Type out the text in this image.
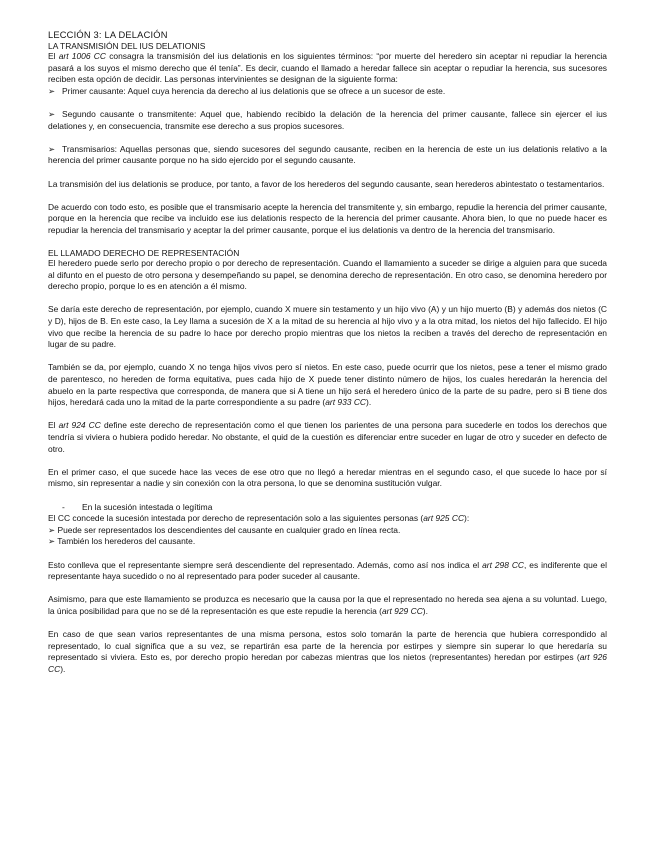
LECCIÓN 3: LA DELACIÓN
LA TRANSMISIÓN DEL IUS DELATIONIS

El art 1006 CC consagra la transmisión del ius delationis en los siguientes términos: “por muerte del heredero sin aceptar ni repudiar la herencia pasará a los suyos el mismo derecho que él tenía”. Es decir, cuando el llamado a heredar fallece sin aceptar o repudiar la herencia, sus sucesores reciben esta opción de decidir. Las personas intervinientes se designan de la siguiente forma:

➢ Primer causante: Aquel cuya herencia da derecho al ius delationis que se ofrece a un sucesor de este.

➢ Segundo causante o transmitente: Aquel que, habiendo recibido la delación de la herencia del primer causante, fallece sin ejercer el ius delationes y, en consecuencia, transmite ese derecho a sus propios sucesores.

➢ Transmisarios: Aquellas personas que, siendo sucesores del segundo causante, reciben en la herencia de este un ius delationis relativo a la herencia del primer causante porque no ha sido ejercido por el segundo causante.

La transmisión del ius delationis se produce, por tanto, a favor de los herederos del segundo causante, sean herederos abintestato o testamentarios.

De acuerdo con todo esto, es posible que el transmisario acepte la herencia del transmitente y, sin embargo, repudie la herencia del primer causante, porque en la herencia que recibe va incluido ese ius delationis respecto de la herencia del primer causante. Ahora bien, lo que no puede hacer es repudiar la herencia del transmisario y aceptar la del primer causante, porque el ius delationis va dentro de la herencia del transmisario.

EL LLAMADO DERECHO DE REPRESENTACIÓN

El heredero puede serlo por derecho propio o por derecho de representación. Cuando el llamamiento a suceder se dirige a alguien para que suceda al difunto en el puesto de otro persona y desempeñando su papel, se denomina derecho de representación. En otro caso, se denomina heredero por derecho propio, porque lo es en atención a él mismo.

Se daría este derecho de representación, por ejemplo, cuando X muere sin testamento y un hijo vivo (A) y un hijo muerto (B) y además dos nietos (C y D), hijos de B. En este caso, la Ley llama a sucesión de X a la mitad de su herencia al hijo vivo y a la otra mitad, los nietos del hijo fallecido. El hijo vivo que recibe la herencia de su padre lo hace por derecho propio mientras que los nietos la reciben a través del derecho de representación en lugar de su padre.

También se da, por ejemplo, cuando X no tenga hijos vivos pero sí nietos. En este caso, puede ocurrir que los nietos, pese a tener el mismo grado de parentesco, no hereden de forma equitativa, pues cada hijo de X puede tener distinto número de hijos, los cuales heredarán la herencia del abuelo en la parte respectiva que corresponda, de manera que si A tiene un hijo será el heredero único de la parte de su padre, pero si B tiene dos hijos, heredará cada uno la mitad de la parte correspondiente a su padre (art 933 CC).

El art 924 CC define este derecho de representación como el que tienen los parientes de una persona para sucederle en todos los derechos que tendría si viviera o hubiera podido heredar. No obstante, el quid de la cuestión es diferenciar entre suceder en lugar de otro y suceder en defecto de otro.

En el primer caso, el que sucede hace las veces de ese otro que no llegó a heredar mientras en el segundo caso, el que sucede lo hace por sí mismo, sin representar a nadie y sin conexión con la otra persona, lo que se denomina sustitución vulgar.

- En la sucesión intestada o legítima

El CC concede la sucesión intestada por derecho de representación solo a las siguientes personas (art 925 CC):

➢ Puede ser representados los descendientes del causante en cualquier grado en línea recta.

➢ También los herederos del causante.

Esto conlleva que el representante siempre será descendiente del representado. Además, como así nos indica el art 298 CC, es indiferente que el representante haya sucedido o no al representado para poder suceder al causante.

Asimismo, para que este llamamiento se produzca es necesario que la causa por la que el representado no hereda sea ajena a su voluntad. Luego, la única posibilidad para que no se dé la representación es que este repudie la herencia (art 929 CC).

En caso de que sean varios representantes de una misma persona, estos solo tomarán la parte de herencia que hubiera correspondido al representado, lo cual significa que a su vez, se repartirán esa parte de la herencia por estirpes y siempre sin superar lo que heredaría su representado si viviera. Esto es, por derecho propio heredan por cabezas mientras que los nietos (representantes) heredan por estirpes (art 926 CC).
